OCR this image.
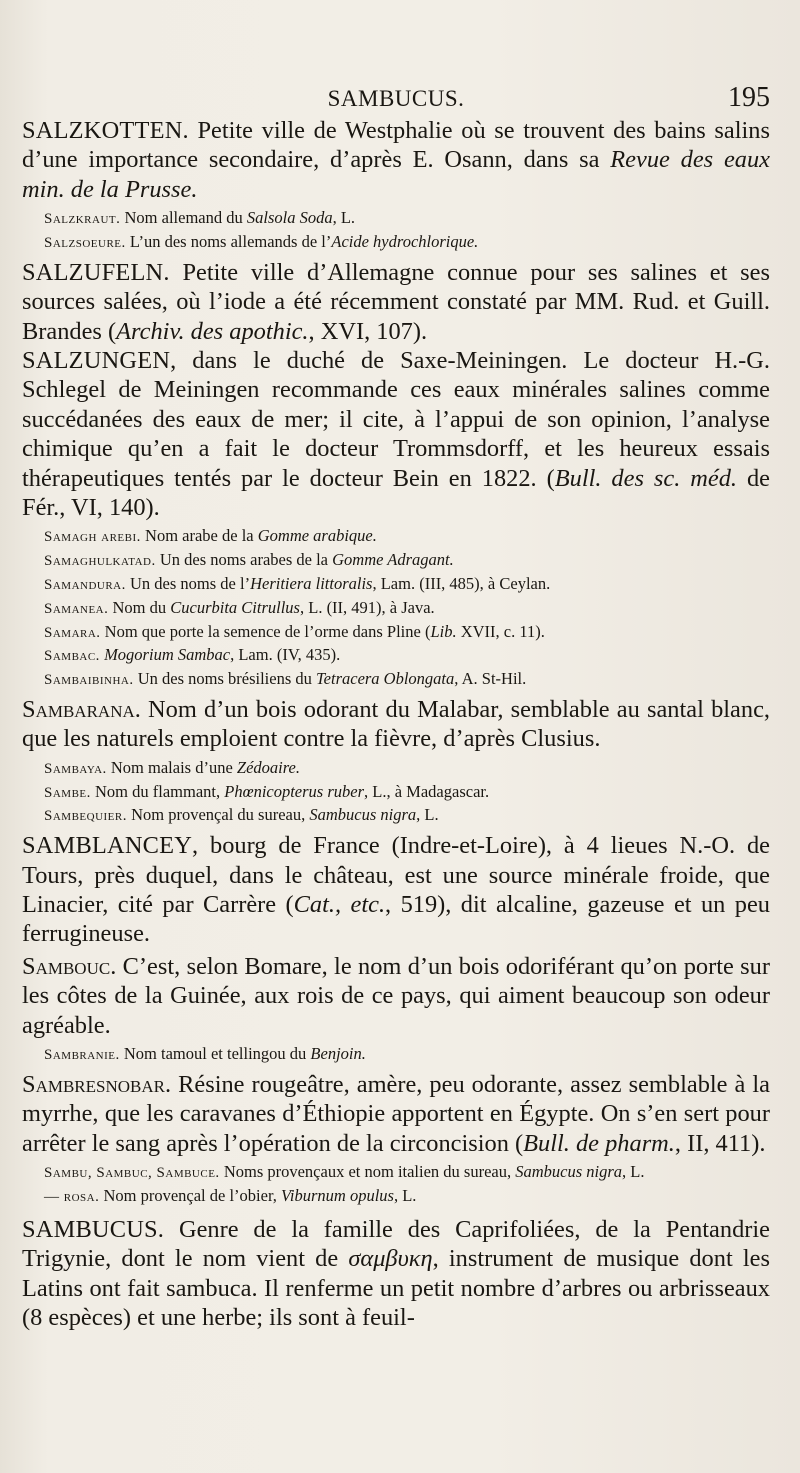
SAMBUCUS.	195

SALZKOTTEN. Petite ville de Westphalie où se trouvent des bains salins d’une importance secondaire, d’après E. Osann, dans sa Revue des eaux min. de la Prusse.

Salzkraut. Nom allemand du Salsola Soda, L.

Salzsoeure. L’un des noms allemands de l’Acide hydrochlorique.

SALZUFELN. Petite ville d’Allemagne connue pour ses salines et ses sources salées, où l’iode a été récemment constaté par MM. Rud. et Guill. Brandes (Archiv. des apothic., XVI, 107).

SALZUNGEN, dans le duché de Saxe-Meiningen. Le docteur H.-G. Schlegel de Meiningen recommande ces eaux minérales salines comme succédanées des eaux de mer; il cite, à l’appui de son opinion, l’analyse chimique qu’en a fait le docteur Trommsdorff, et les heureux essais thérapeutiques tentés par le docteur Bein en 1822. (Bull. des sc. méd. de Fér., VI, 140).

Samagh arebi. Nom arabe de la Gomme arabique.

Samaghulkatad. Un des noms arabes de la Gomme Adragant.

Samandura. Un des noms de l’Heritiera littoralis, Lam. (III, 485), à Ceylan.

Samanea. Nom du Cucurbita Citrullus, L. (II, 491), à Java.

Samara. Nom que porte la semence de l’orme dans Pline (Lib. XVII, c. 11).

Sambac. Mogorium Sambac, Lam. (IV, 435).

Sambaibinha. Un des noms brésiliens du Tetracera Oblongata, A. St-Hil.

Sambarana. Nom d’un bois odorant du Malabar, semblable au santal blanc, que les naturels emploient contre la fièvre, d’après Clusius.

Sambaya. Nom malais d’une Zédoaire.

Sambe. Nom du flammant, Phœnicopterus ruber, L., à Madagascar.

Sambequier. Nom provençal du sureau, Sambucus nigra, L.

SAMBLANCEY, bourg de France (Indre-et-Loire), à 4 lieues N.-O. de Tours, près duquel, dans le château, est une source minérale froide, que Linacier, cité par Carrère (Cat., etc., 519), dit alcaline, gazeuse et un peu ferrugineuse.

Sambouc. C’est, selon Bomare, le nom d’un bois odoriférant qu’on porte sur les côtes de la Guinée, aux rois de ce pays, qui aiment beaucoup son odeur agréable.

Sambranie. Nom tamoul et tellingou du Benjoin.

Sambresnobar. Résine rougeâtre, amère, peu odorante, assez semblable à la myrrhe, que les caravanes d’Éthiopie apportent en Égypte. On s’en sert pour arrêter le sang après l’opération de la circoncision (Bull. de pharm., II, 411).

Sambu, Sambuc, Sambuce. Noms provençaux et nom italien du sureau, Sambucus nigra, L.

— rosa. Nom provençal de l’obier, Viburnum opulus, L.

SAMBUCUS. Genre de la famille des Caprifoliées, de la Pentandrie Trigynie, dont le nom vient de σαμβυκη, instrument de musique dont les Latins ont fait sambuca. Il renferme un petit nombre d’arbres ou arbrisseaux (8 espèces) et une herbe; ils sont à feuil-
